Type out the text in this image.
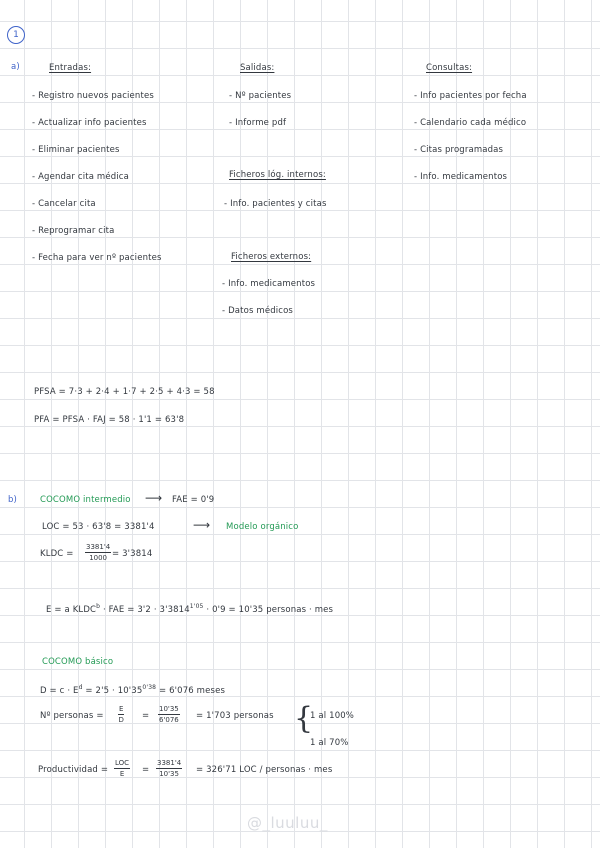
1
a)	Entradas:
- Registro nuevos pacientes
- Actualizar info pacientes
- Eliminar pacientes
- Agendar cita médica
- Cancelar cita
- Reprogramar cita
- Fecha para ver nº pacientes
Salidas:
- Nº pacientes
- Informe pdf
Ficheros lóg. internos:
- Info. pacientes y citas
Ficheros externos:
- Info. medicamentos
- Datos médicos
Consultas:
- Info pacientes por fecha
- Calendario cada médico
- Citas programadas
- Info. medicamentos
PFSA = 7·3 + 2·4 + 1·7 + 2·5 + 4·3 = 58
PFA = PFSA · FAJ = 58 · 1'1 = 63'8
b)	COCOMO intermedio ⟶ FAE = 0'9
LOC = 53 · 63'8 = 3381'4	⟶ Modelo orgánico
KLDC = $\frac{3381'4}{1000} = 3'3814$
E = a $KLDC^b$ · FAE = $3'2 \cdot 3'3814^{1'05} \cdot 0'9 = 10'35$ personas · mes
COCOMO básico
$D = c \cdot E^d = 2'5 \cdot 10'35^{0'38} = 6'076$ meses
Nº personas = $\frac{E}{D} = \frac{10'35}{6'076} = 1'703$ personas {
1 al 100%
1 al 70%
Productividad =
LOC
E	= $\frac{3381'4}{10'35} = 326'71$ LOC / personas · mes
@_luuluu_
